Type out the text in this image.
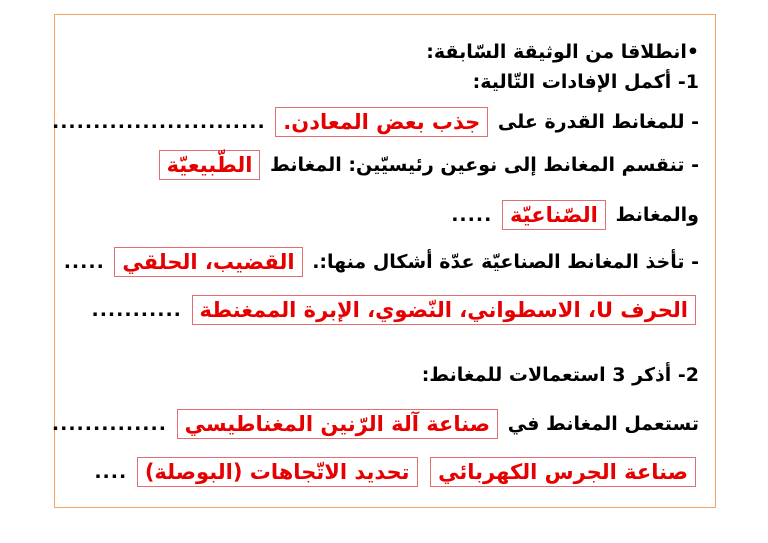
•انطلاقا من الوثيقة السّابقة:
1- أكمل الإفادات التّالية:
- للمغانط القدرة على جذب بعض المعادن. ..........................
- تنقسم المغانط إلى نوعين رئيسيّين: المغانط الطّبيعيّة
والمغانط الصّناعيّة .....
- تأخذ المغانط الصناعيّة عدّة أشكال منها:. القضيب، الحلقي .....
الحرف U، الاسطواني، النّضوي، الإبرة الممغنطة ...........
2- أذكر 3 استعمالات للمغانط:
تستعمل المغانط في صناعة آلة الرّنين المغناطيسي ..............
صناعة الجرس الكهربائي تحديد الاتّجاهات (البوصلة) ....
